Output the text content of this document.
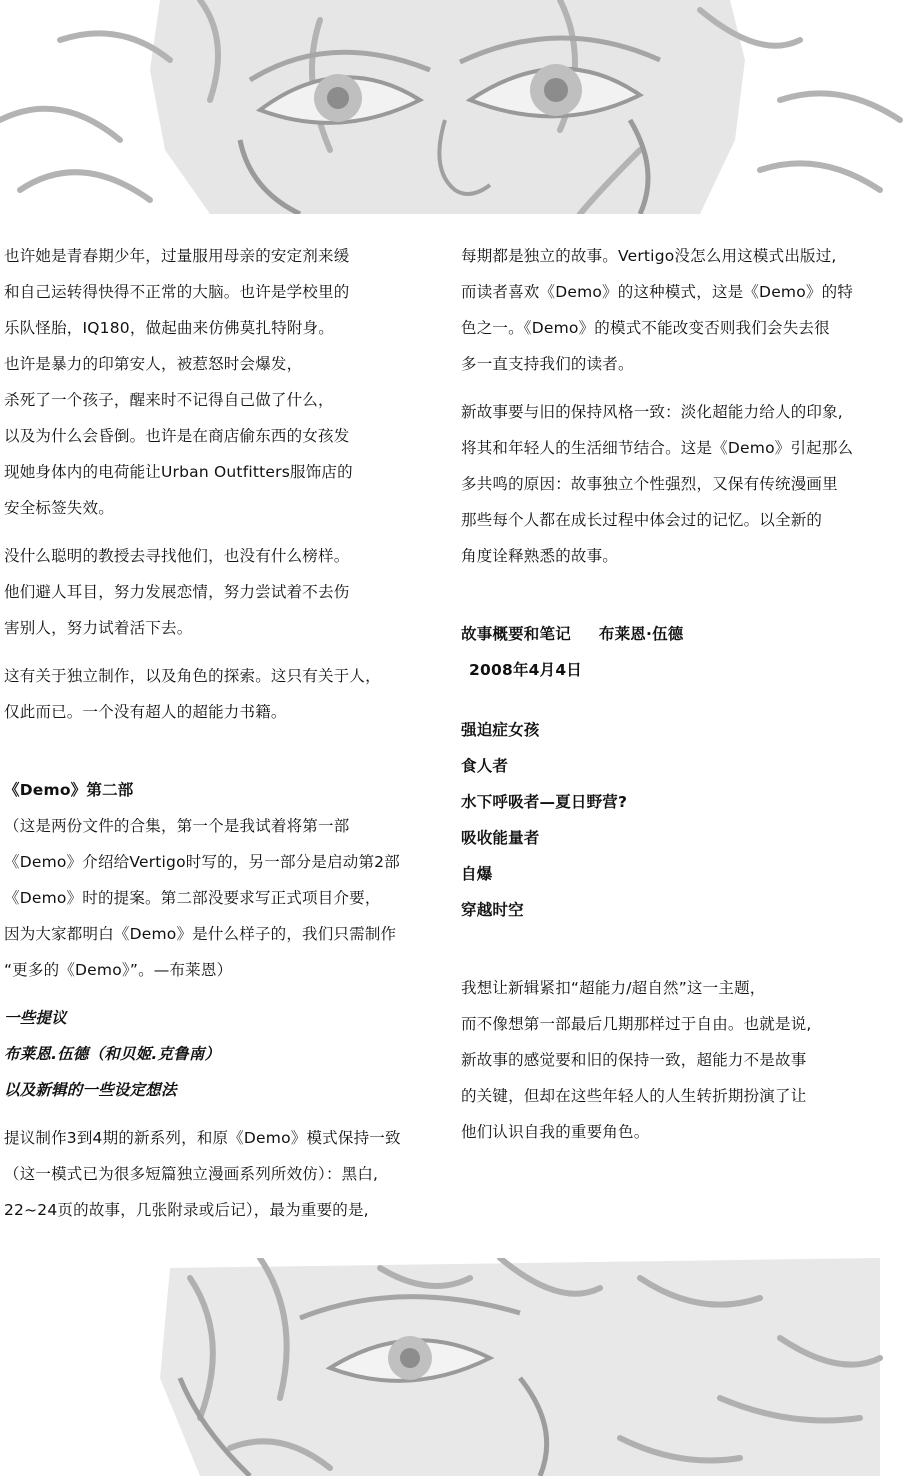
也许她是青春期少年，过量服用母亲的安定剂来缓
和自己运转得快得不正常的大脑。也许是学校里的
乐队怪胎，IQ180，做起曲来仿佛莫扎特附身。
也许是暴力的印第安人，被惹怒时会爆发，
杀死了一个孩子，醒来时不记得自己做了什么，
以及为什么会昏倒。也许是在商店偷东西的女孩发
现她身体内的电荷能让Urban Outfitters服饰店的
安全标签失效。
没什么聪明的教授去寻找他们，也没有什么榜样。
他们避人耳目，努力发展恋情，努力尝试着不去伤
害别人，努力试着活下去。
这有关于独立制作，以及角色的探索。这只有关于人，
仅此而已。一个没有超人的超能力书籍。
《Demo》第二部
（这是两份文件的合集，第一个是我试着将第一部
《Demo》介绍给Vertigo时写的，另一部分是启动第2部
《Demo》时的提案。第二部没要求写正式项目介要，
因为大家都明白《Demo》是什么样子的，我们只需制作
“更多的《Demo》”。—布莱恩）
一些提议
布莱恩.伍德（和贝姬.克鲁南）
以及新辑的一些设定想法
提议制作3到4期的新系列，和原《Demo》模式保持一致
（这一模式已为很多短篇独立漫画系列所效仿）：黑白,
22~24页的故事，几张附录或后记），最为重要的是,
每期都是独立的故事。Vertigo没怎么用这模式出版过,
而读者喜欢《Demo》的这种模式，这是《Demo》的特
色之一。《Demo》的模式不能改变否则我们会失去很
多一直支持我们的读者。
新故事要与旧的保持风格一致：淡化超能力给人的印象,
将其和年轻人的生活细节结合。这是《Demo》引起那么
多共鸣的原因：故事独立个性强烈，又保有传统漫画里
那些每个人都在成长过程中体会过的记忆。以全新的
角度诠释熟悉的故事。
故事概要和笔记 布莱恩·伍德
2008年4月4日
强迫症女孩
食人者
水下呼吸者—夏日野营?
吸收能量者
自爆
穿越时空
我想让新辑紧扣“超能力/超自然”这一主题，
而不像想第一部最后几期那样过于自由。也就是说,
新故事的感觉要和旧的保持一致，超能力不是故事
的关键，但却在这些年轻人的人生转折期扮演了让
他们认识自我的重要角色。
